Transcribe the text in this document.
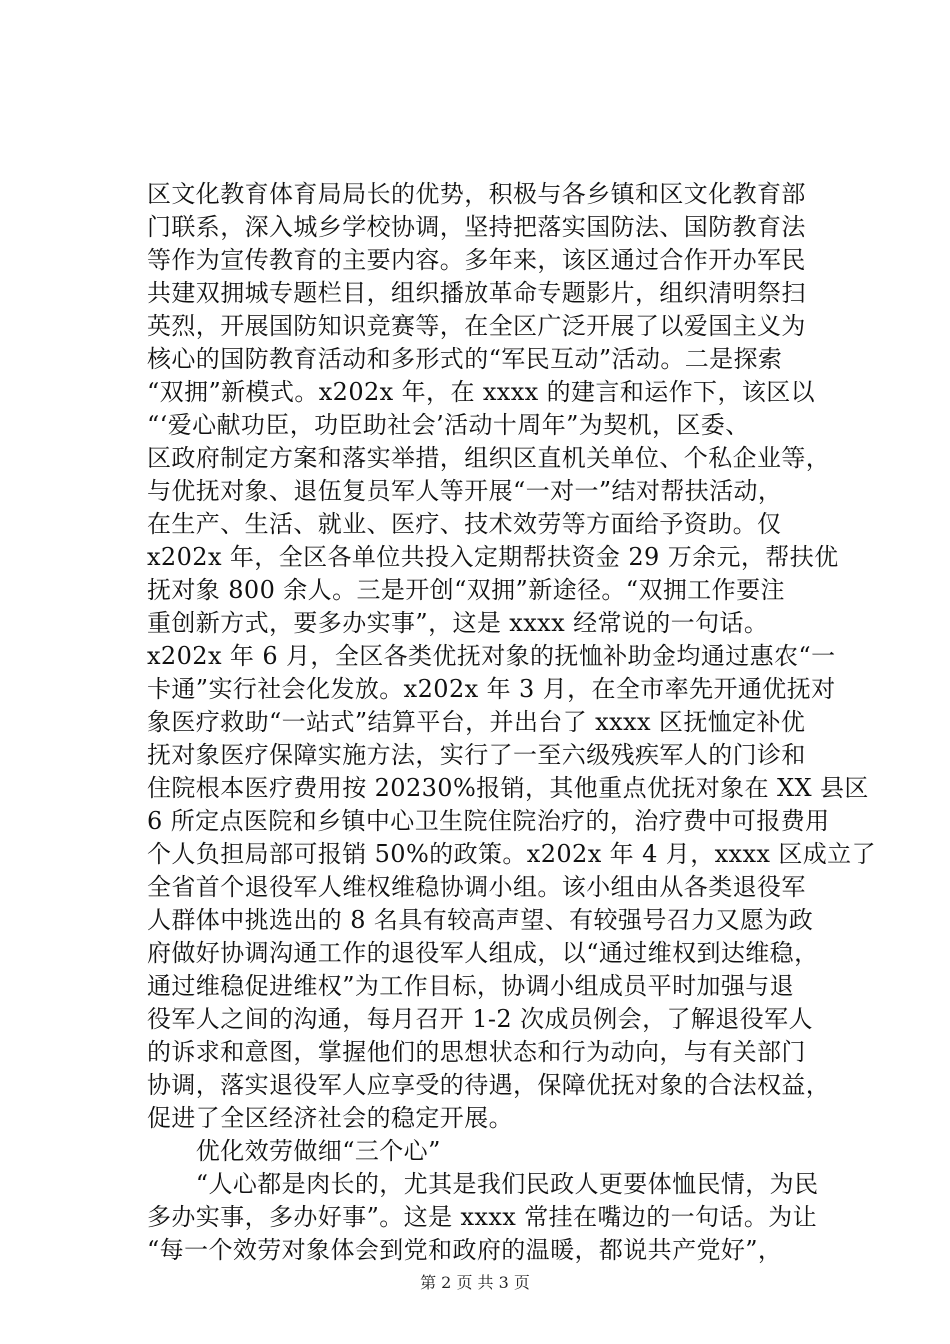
区文化教育体育局局长的优势，积极与各乡镇和区文化教育部
门联系，深入城乡学校协调，坚持把落实国防法、国防教育法
等作为宣传教育的主要内容。多年来，该区通过合作开办军民
共建双拥城专题栏目，组织播放革命专题影片，组织清明祭扫
英烈，开展国防知识竞赛等，在全区广泛开展了以爱国主义为
核心的国防教育活动和多形式的“军民互动”活动。二是探索
“双拥”新模式。x202x 年，在 xxxx 的建言和运作下，该区以
“‘爱心献功臣，功臣助社会’活动十周年”为契机，区委、
区政府制定方案和落实举措，组织区直机关单位、个私企业等，
与优抚对象、退伍复员军人等开展“一对一”结对帮扶活动，
在生产、生活、就业、医疗、技术效劳等方面给予资助。仅
x202x 年，全区各单位共投入定期帮扶资金 29 万余元，帮扶优
抚对象 800 余人。三是开创“双拥”新途径。“双拥工作要注
重创新方式，要多办实事”，这是 xxxx 经常说的一句话。
x202x 年 6 月，全区各类优抚对象的抚恤补助金均通过惠农“一
卡通”实行社会化发放。x202x 年 3 月，在全市率先开通优抚对
象医疗救助“一站式”结算平台，并出台了 xxxx 区抚恤定补优
抚对象医疗保障实施方法，实行了一至六级残疾军人的门诊和
住院根本医疗费用按 20230%报销，其他重点优抚对象在 XX 县区
6 所定点医院和乡镇中心卫生院住院治疗的，治疗费中可报费用
个人负担局部可报销 50%的政策。x202x 年 4 月，xxxx 区成立了
全省首个退役军人维权维稳协调小组。该小组由从各类退役军
人群体中挑选出的 8 名具有较高声望、有较强号召力又愿为政
府做好协调沟通工作的退役军人组成，以“通过维权到达维稳，
通过维稳促进维权”为工作目标，协调小组成员平时加强与退
役军人之间的沟通，每月召开 1-2 次成员例会，了解退役军人
的诉求和意图，掌握他们的思想状态和行为动向，与有关部门
协调，落实退役军人应享受的待遇，保障优抚对象的合法权益，
促进了全区经济社会的稳定开展。
　　优化效劳做细“三个心”
　　“人心都是肉长的，尤其是我们民政人更要体恤民情，为民
多办实事，多办好事”。这是 xxxx 常挂在嘴边的一句话。为让
“每一个效劳对象体会到党和政府的温暖，都说共产党好”，
第 2 页 共 3 页
